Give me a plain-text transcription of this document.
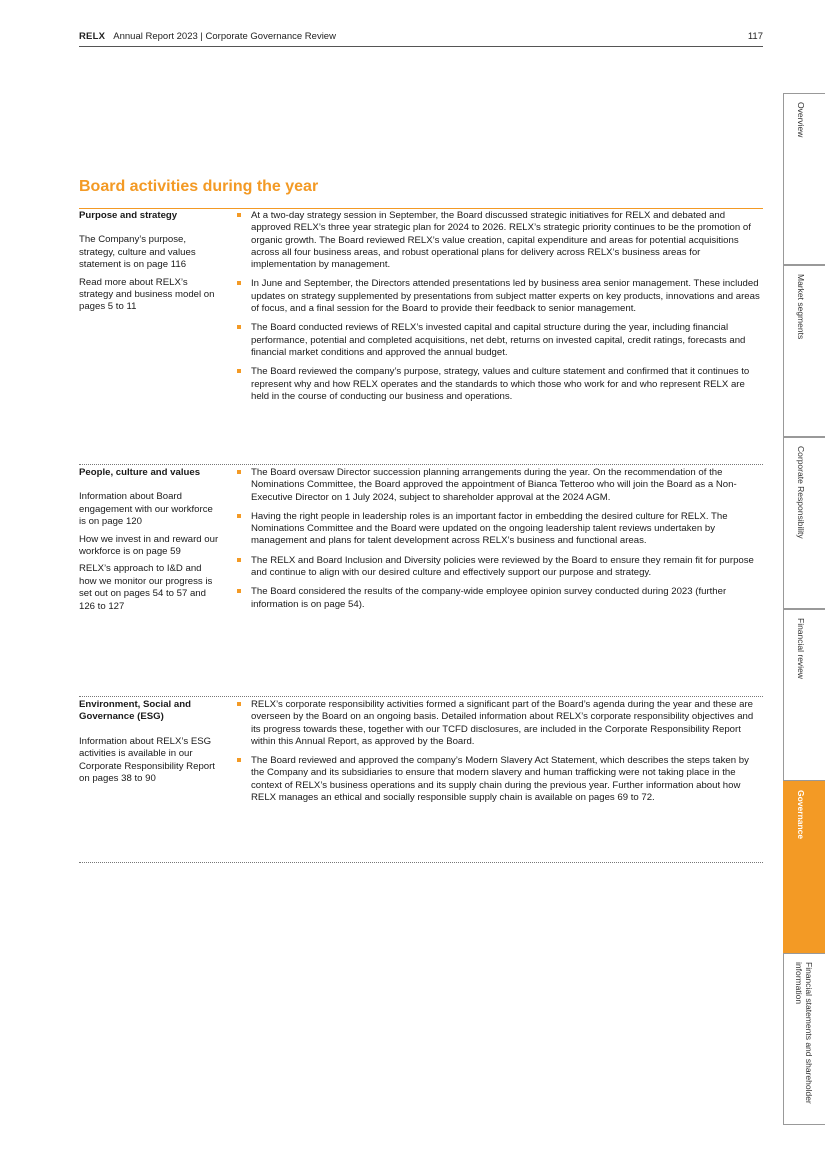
RELX Annual Report 2023 | Corporate Governance Review	117
Board activities during the year

Purpose and strategy

The Company’s purpose, strategy, culture and values statement is on page 116

Read more about RELX’s strategy and business model on pages 5 to 11

At a two-day strategy session in September, the Board discussed strategic initiatives for RELX and debated and approved RELX’s three year strategic plan for 2024 to 2026. RELX’s strategic priority continues to be the promotion of organic growth. The Board reviewed RELX’s value creation, capital expenditure and areas for potential acquisitions across all four business areas, and robust operational plans for delivery across RELX’s business areas for implementation by management.
In June and September, the Directors attended presentations led by business area senior management. These included updates on strategy supplemented by presentations from subject matter experts on key products, innovations and areas of focus, and a final session for the Board to provide their feedback to senior management.
The Board conducted reviews of RELX’s invested capital and capital structure during the year, including financial performance, potential and completed acquisitions, net debt, returns on invested capital, credit ratings, forecasts and financial market conditions and approved the annual budget.
The Board reviewed the company’s purpose, strategy, values and culture statement and confirmed that it continues to represent why and how RELX operates and the standards to which those who work for and who represent RELX are held in the course of conducting our business and operations.

People, culture and values

Information about Board engagement with our workforce is on page 120

How we invest in and reward our workforce is on page 59

RELX’s approach to I&D and how we monitor our progress is set out on pages 54 to 57 and 126 to 127

The Board oversaw Director succession planning arrangements during the year. On the recommendation of the Nominations Committee, the Board approved the appointment of Bianca Tetteroo who will join the Board as a Non-Executive Director on 1 July 2024, subject to shareholder approval at the 2024 AGM.
Having the right people in leadership roles is an important factor in embedding the desired culture for RELX. The Nominations Committee and the Board were updated on the ongoing leadership talent reviews undertaken by management and plans for talent development across RELX’s business and functional areas.
The RELX and Board Inclusion and Diversity policies were reviewed by the Board to ensure they remain fit for purpose and continue to align with our desired culture and effectively support our purpose and strategy.
The Board considered the results of the company-wide employee opinion survey conducted during 2023 (further information is on page 54).

Environment, Social and Governance (ESG)

Information about RELX’s ESG activities is available in our Corporate Responsibility Report on pages 38 to 90

RELX’s corporate responsibility activities formed a significant part of the Board’s agenda during the year and these are overseen by the Board on an ongoing basis. Detailed information about RELX’s corporate responsibility objectives and its progress towards these, together with our TCFD disclosures, are included in the Corporate Responsibility Report within this Annual Report, as approved by the Board.
The Board reviewed and approved the company’s Modern Slavery Act Statement, which describes the steps taken by the Company and its subsidiaries to ensure that modern slavery and human trafficking were not taking place in the context of RELX’s business operations and its supply chain during the previous year. Further information about how RELX manages an ethical and socially responsible supply chain is available on pages 69 to 72.
Overview
Market segments
Corporate Responsibility
Financial review
Governance
Financial statements and shareholder information
